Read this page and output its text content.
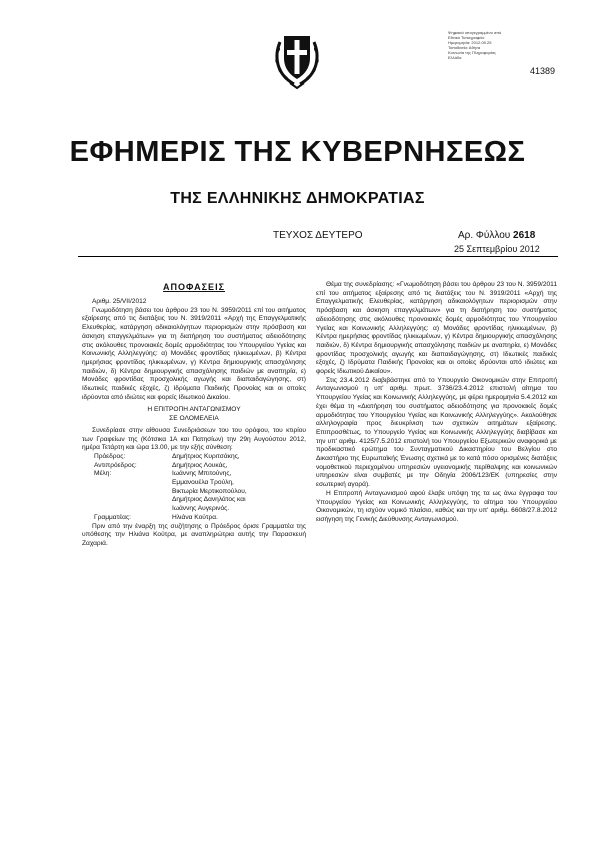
Ψηφιακά υπογεγραμμένο από
Εθνικό Τυπογραφείο
Ημερομηνία: 2012.09.25
Τοποθεσία: Αθήνα
Κοινωνία της Πληροφορίας
Ελλάδα
41389
ΕΦΗΜΕΡΙΣ ΤΗΣ ΚΥΒΕΡΝΗΣΕΩΣ
ΤΗΣ ΕΛΛΗΝΙΚΗΣ ΔΗΜΟΚΡΑΤΙΑΣ
ΤΕΥΧΟΣ ΔΕΥΤΕΡΟ	Αρ. Φύλλου 2618
25 Σεπτεμβρίου 2012
ΑΠΟΦΑΣΕΙΣ

Αριθμ. 25/VII/2012

Γνωμοδότηση βάσει του άρθρου 23 του Ν. 3959/2011 επί του αιτήματος εξαίρεσης από τις διατάξεις του Ν. 3919/2011 «Αρχή της Επαγγελματικής Ελευθερίας, κατάργηση αδικαιολόγητων περιορισμών στην πρόσβαση και άσκηση επαγγελμάτων» για τη διατήρηση του συστήματος αδειοδότησης στις ακόλουθες προνοιακές δομές αρμοδιότητας του Υπουργείου Υγείας και Κοινωνικής Αλληλεγγύης: α) Μονάδες φροντίδας ηλικιωμένων, β) Κέντρα ημερήσιας φροντίδας ηλικιωμένων, γ) Κέντρα δημιουργικής απασχόλησης παιδιών, δ) Κέντρα δημιουργικής απασχόλησης παιδιών με αναπηρία, ε) Μονάδες φροντίδας προσχολικής αγωγής και διαπαιδαγώγησης, στ) Ιδιωτικές παιδικές εξοχές, ζ) Ιδρύματα Παιδικής Προνοίας και οι οποίες ιδρύονται από ιδιώτες και φορείς Ιδιωτικού Δικαίου.

Η ΕΠΙΤΡΟΠΗ ΑΝΤΑΓΩΝΙΣΜΟΥ

ΣΕ ΟΛΟΜΕΛΕΙΑ

Συνεδρίασε στην αίθουσα Συνεδριάσεων του του ορόφου, του κτιρίου των Γραφείων της (Κότσικα 1Α και Πατησίων) την 29η Αυγούστου 2012, ημέρα Τετάρτη και ώρα 13.00, με την εξής σύνθεση:

Πρόεδρος:	Δημήτριος Κυριτσάκης,
Αντιπρόεδρος:	Δημήτριος Λουκάς,
Μέλη:	Ιωάννης Μπιτούνης,
Εμμανουέλα Τρούλη,
Βικτωρία Μερτικοπούλου,
Δημήτριος Δανηλάτος και
Ιωάννης Αυγερινός.
Γραμματέας:	Ηλιάνα Κούτρα.

Πριν από την έναρξη της συζήτησης ο Πρόεδρος όρισε Γραμματέα της υπόθεσης την Ηλιάνα Κούτρα, με αναπληρώτρια αυτής την Παρασκευή Ζαχαριά.

Θέμα της συνεδρίασης: «Γνωμοδότηση βάσει του άρθρου 23 του Ν. 3959/2011 επί του αιτήματος εξαίρεσης από τις διατάξεις του Ν. 3919/2011 «Αρχή της Επαγγελματικής Ελευθερίας, κατάργηση αδικαιολόγητων περιορισμών στην πρόσβαση και άσκηση επαγγελμάτων» για τη διατήρηση του συστήματος αδειοδότησης στις ακόλουθες προνοιακές δομές αρμοδιότητας του Υπουργείου Υγείας και Κοινωνικής Αλληλεγγύης: α) Μονάδες φροντίδας ηλικιωμένων, β) Κέντρα ημερήσιας φροντίδας ηλικιωμένων, γ) Κέντρα δημιουργικής απασχόλησης παιδιών, δ) Κέντρα δημιουργικής απασχόλησης παιδιών με αναπηρία, ε) Μονάδες φροντίδας προσχολικής αγωγής και διαπαιδαγώγησης, στ) Ιδιωτικές παιδικές εξοχές, ζ) Ιδρύματα Παιδικής Προνοίας και οι οποίες ιδρύονται από ιδιώτες και φορείς Ιδιωτικού Δικαίου».

Στις 23.4.2012 διαβιβάστηκε από το Υπουργείο Οικονομικών στην Επιτροπή Ανταγωνισμού η υπ' αριθμ. πρωτ. 3736/23.4.2012 επιστολή αίτημα του Υπουργείου Υγείας και Κοινωνικής Αλληλεγγύης, με φέρει ημερομηνία 5.4.2012 και έχει θέμα τη «Διατήρηση του συστήματος αδειοδότησης για προνοιακές δομές αρμοδιότητας του Υπουργείου Υγείας και Κοινωνικής Αλληλεγγύης». Ακολούθησε αλληλογραφία προς διευκρίνιση των σχετικών αιτημάτων εξαίρεσης. Επιπροσθέτως, το Υπουργείο Υγείας και Κοινωνικής Αλληλεγγύης διαβίβασε και την υπ' αριθμ. 4125/7.5.2012 επιστολή του Υπουργείου Εξωτερικών αναφορικά με προδικαστικό ερώτημα του Συνταγματικού Δικαστηρίου του Βελγίου στο Δικαστήριο της Ευρωπαϊκής Ένωσης σχετικά με το κατά πόσο ορισμένες διατάξεις νομοθετικού περιεχομένου υπηρεσιών υγειονομικής περίθαλψης και κοινωνικών υπηρεσιών είναι συμβατές με την Οδηγία 2006/123/ΕΚ (υπηρεσίες στην εσωτερική αγορά).

Η Επιτροπή Ανταγωνισμού αφού έλαβε υπόψη της τα ως άνω έγγραφα του Υπουργείου Υγείας και Κοινωνικής Αλληλεγγύης, το αίτημα του Υπουργείου Οικονομικών, τη ισχύον νομικό πλαίσιο, καθώς και την υπ' αριθμ. 6608/27.8.2012 εισήγηση της Γενικής Διεύθυνσης Ανταγωνισμού.
